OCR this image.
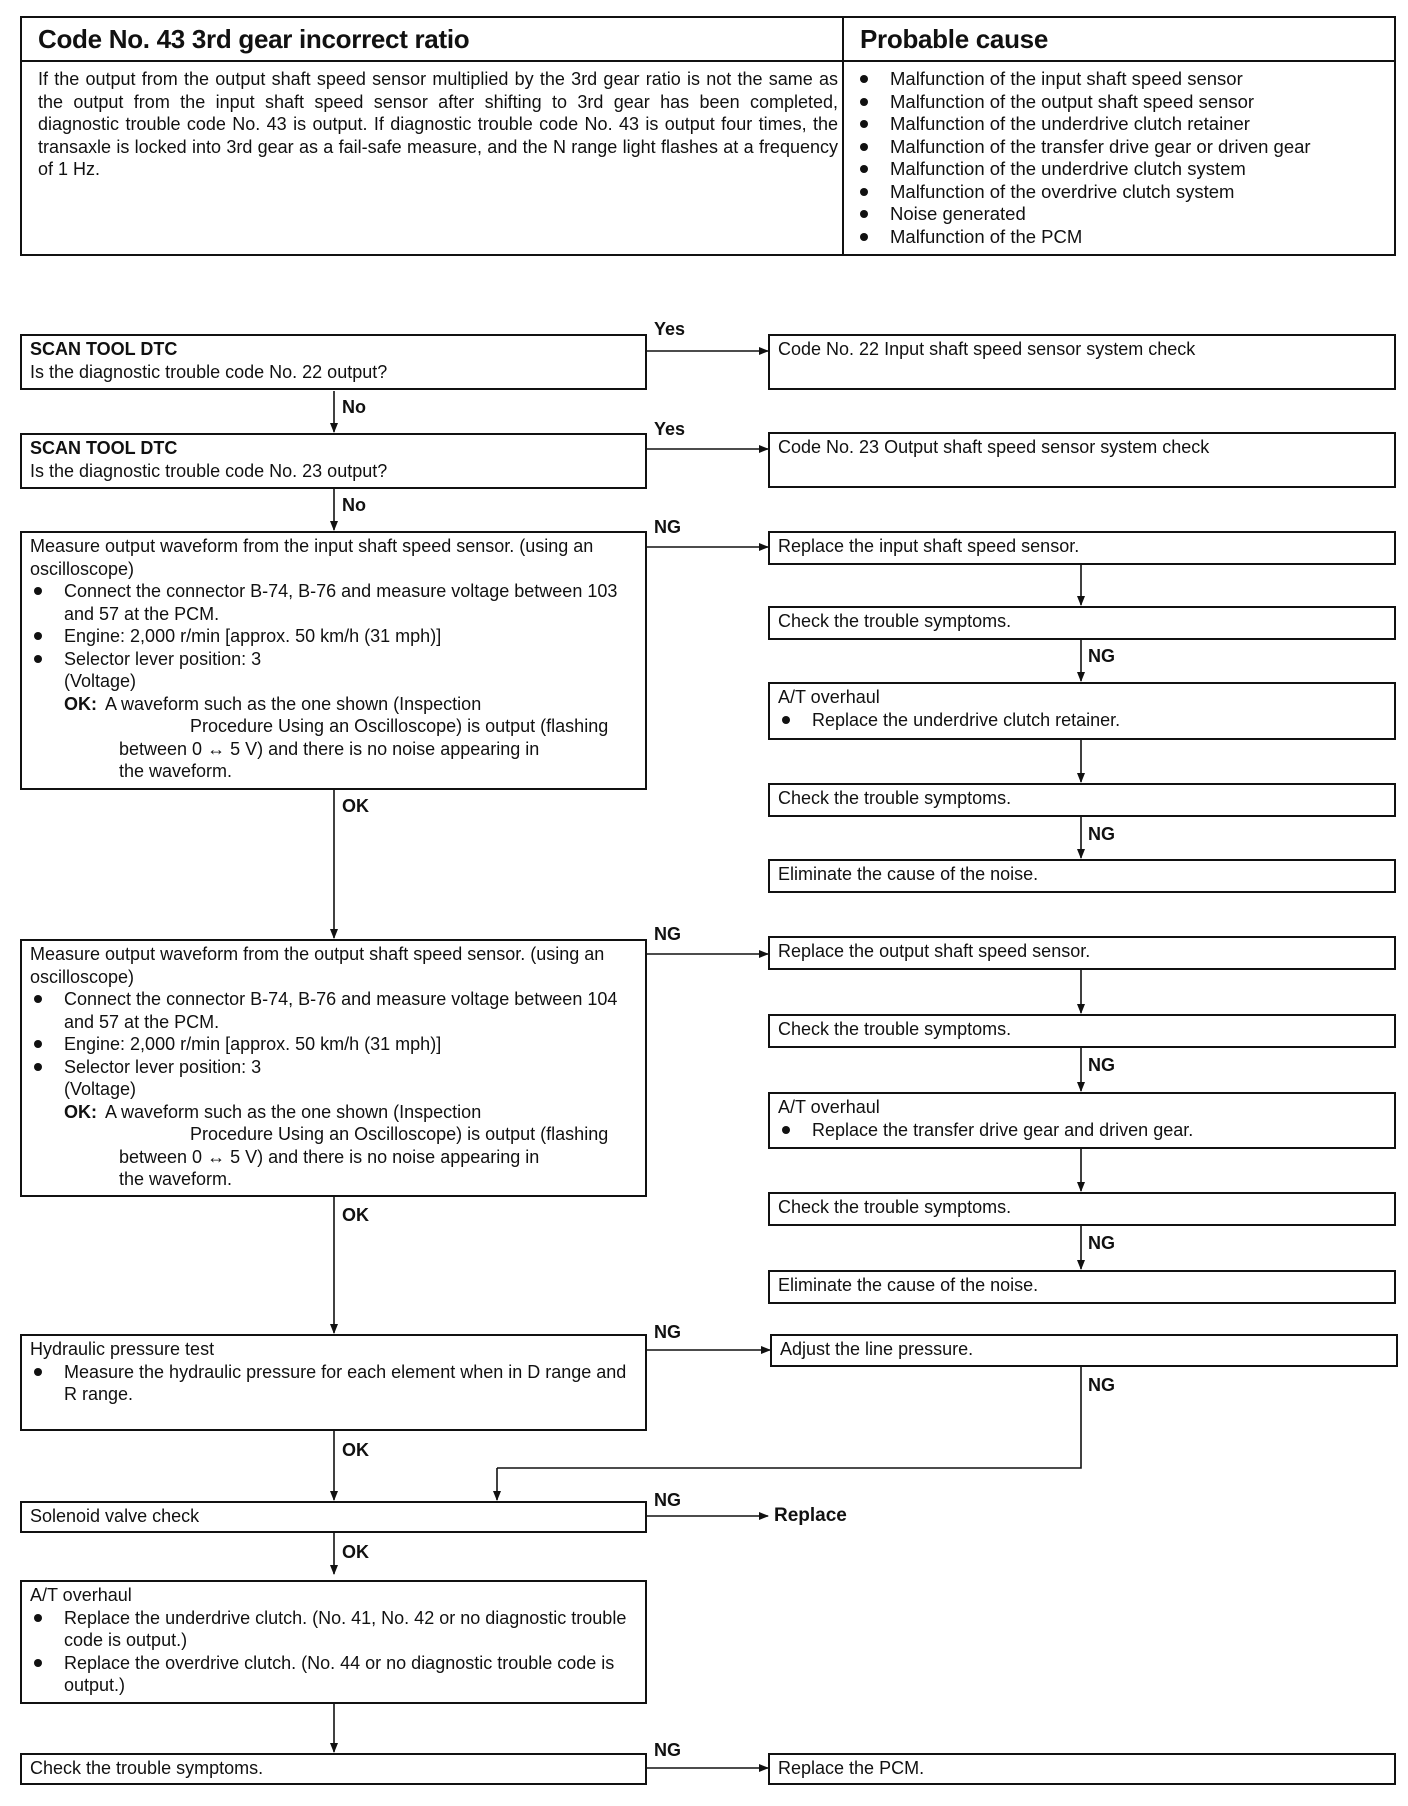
Code No. 43 3rd gear incorrect ratio
If the output from the output shaft speed sensor multiplied by the 3rd gear ratio is not the same as the output from the input shaft speed sensor after shifting to 3rd gear has been completed, diagnostic trouble code No. 43 is output. If diagnostic trouble code No. 43 is output four times, the transaxle is locked into 3rd gear as a fail-safe measure, and the N range light flashes at a frequency of 1 Hz.
Probable cause
Malfunction of the input shaft speed sensor
Malfunction of the output shaft speed sensor
Malfunction of the underdrive clutch retainer
Malfunction of the transfer drive gear or driven gear
Malfunction of the underdrive clutch system
Malfunction of the overdrive clutch system
Noise generated
Malfunction of the PCM
SCAN TOOL DTC
Is the diagnostic trouble code No. 22 output?
Yes
Code No. 22 Input shaft speed sensor system check
No
SCAN TOOL DTC
Is the diagnostic trouble code No. 23 output?
Yes
Code No. 23 Output shaft speed sensor system check
No
Measure output waveform from the input shaft speed sensor. (using an oscilloscope)
Connect the connector B-74, B-76 and measure voltage between 103 and 57 at the PCM.
Engine: 2,000 r/min [approx. 50 km/h (31 mph)]
Selector lever position: 3
(Voltage)
OK: A waveform such as the one shown (Inspection
Procedure Using an Oscilloscope) is output (flashing
between 0 ↔ 5 V) and there is no noise appearing in
the waveform.
NG
OK
Replace the input shaft speed sensor.
Check the trouble symptoms.
NG
A/T overhaul
Replace the underdrive clutch retainer.
Check the trouble symptoms.
NG
Eliminate the cause of the noise.
Measure output waveform from the output shaft speed sensor. (using an oscilloscope)
Connect the connector B-74, B-76 and measure voltage between 104 and 57 at the PCM.
Engine: 2,000 r/min [approx. 50 km/h (31 mph)]
Selector lever position: 3
(Voltage)
OK: A waveform such as the one shown (Inspection
Procedure Using an Oscilloscope) is output (flashing
between 0 ↔ 5 V) and there is no noise appearing in
the waveform.
NG
OK
Replace the output shaft speed sensor.
Check the trouble symptoms.
NG
A/T overhaul
Replace the transfer drive gear and driven gear.
Check the trouble symptoms.
NG
Eliminate the cause of the noise.
Hydraulic pressure test
Measure the hydraulic pressure for each element when in D range and R range.
NG
Adjust the line pressure.
NG
OK
Solenoid valve check
NG
Replace
OK
A/T overhaul
Replace the underdrive clutch. (No. 41, No. 42 or no diagnostic trouble code is output.)
Replace the overdrive clutch. (No. 44 or no diagnostic trouble code is output.)
Check the trouble symptoms.
NG
Replace the PCM.
